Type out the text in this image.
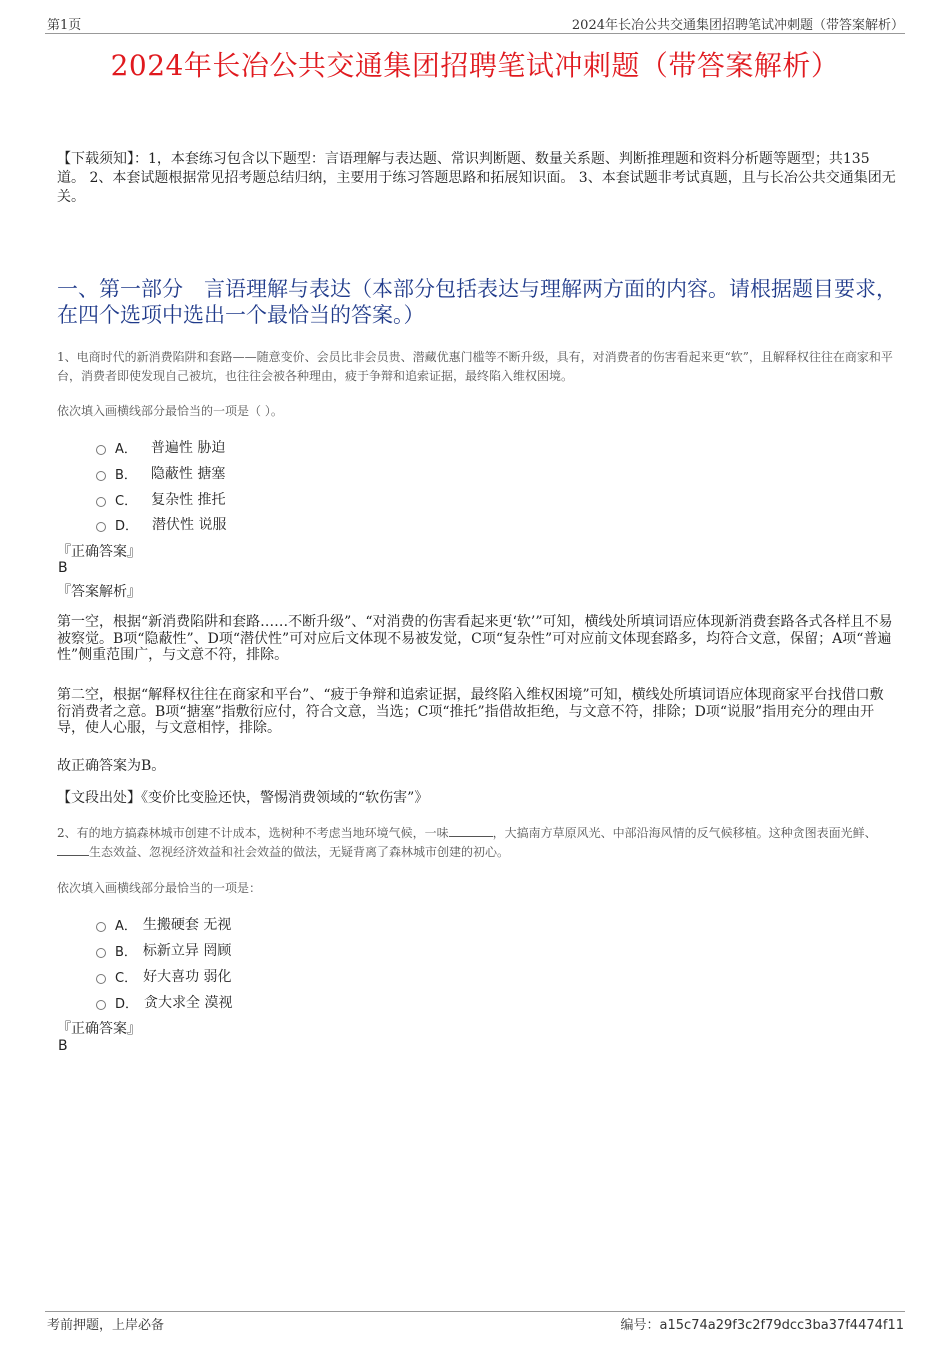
第1页	2024年长冶公共交通集团招聘笔试冲刺题（带答案解析）
2024年长冶公共交通集团招聘笔试冲刺题（带答案解析）
【下载须知】：1，本套练习包含以下题型：言语理解与表达题、常识判断题、数量关系题、判断推理题和资料分析题等题型；共135道。 2、本套试题根据常见招考题总结归纳，主要用于练习答题思路和拓展知识面。 3、本套试题非考试真题，且与长冶公共交通集团无关。
一、第一部分　言语理解与表达（本部分包括表达与理解两方面的内容。请根据题目要求，在四个选项中选出一个最恰当的答案。）
1、电商时代的新消费陷阱和套路——随意变价、会员比非会员贵、潜藏优惠门槛等不断升级，具有，对消费者的伤害看起来更“软”，且解释权往往在商家和平台，消费者即使发现自己被坑，也往往会被各种理由，疲于争辩和追索证据，最终陷入维权困境。
依次填入画横线部分最恰当的一项是（ ）。
A． 普遍性 胁迫
B． 隐蔽性 搪塞
C． 复杂性 推托
D． 潜伏性 说服
『正确答案』
B
『答案解析』
第一空，根据“新消费陷阱和套路……不断升级”、“对消费的伤害看起来更‘软’”可知，横线处所填词语应体现新消费套路各式各样且不易被察觉。B项“隐蔽性”、D项“潜伏性”可对应后文体现不易被发觉，C项“复杂性”可对应前文体现套路多，均符合文意，保留；A项“普遍性”侧重范围广，与文意不符，排除。
第二空，根据“解释权往往在商家和平台”、“疲于争辩和追索证据，最终陷入维权困境”可知，横线处所填词语应体现商家平台找借口敷衍消费者之意。B项“搪塞”指敷衍应付，符合文意，当选；C项“推托”指借故拒绝，与文意不符，排除；D项“说服”指用充分的理由开导，使人心服，与文意相悖，排除。
故正确答案为B。
【文段出处】《变价比变脸还快，警惕消费领域的“软伤害”》
2、有的地方搞森林城市创建不计成本，选树种不考虑当地环境气候，一味	，大搞南方草原风光、中部沿海风情的反气候移植。这种贪图表面光鲜、生态效益、忽视经济效益和社会效益的做法，无疑背离了森林城市创建的初心。
依次填入画横线部分最恰当的一项是：
A． 生搬硬套 无视
B． 标新立异 罔顾
C． 好大喜功 弱化
D． 贪大求全 漠视
『正确答案』
B
考前押题，上岸必备	编号：a15c74a29f3c2f79dcc3ba37f4474f11
